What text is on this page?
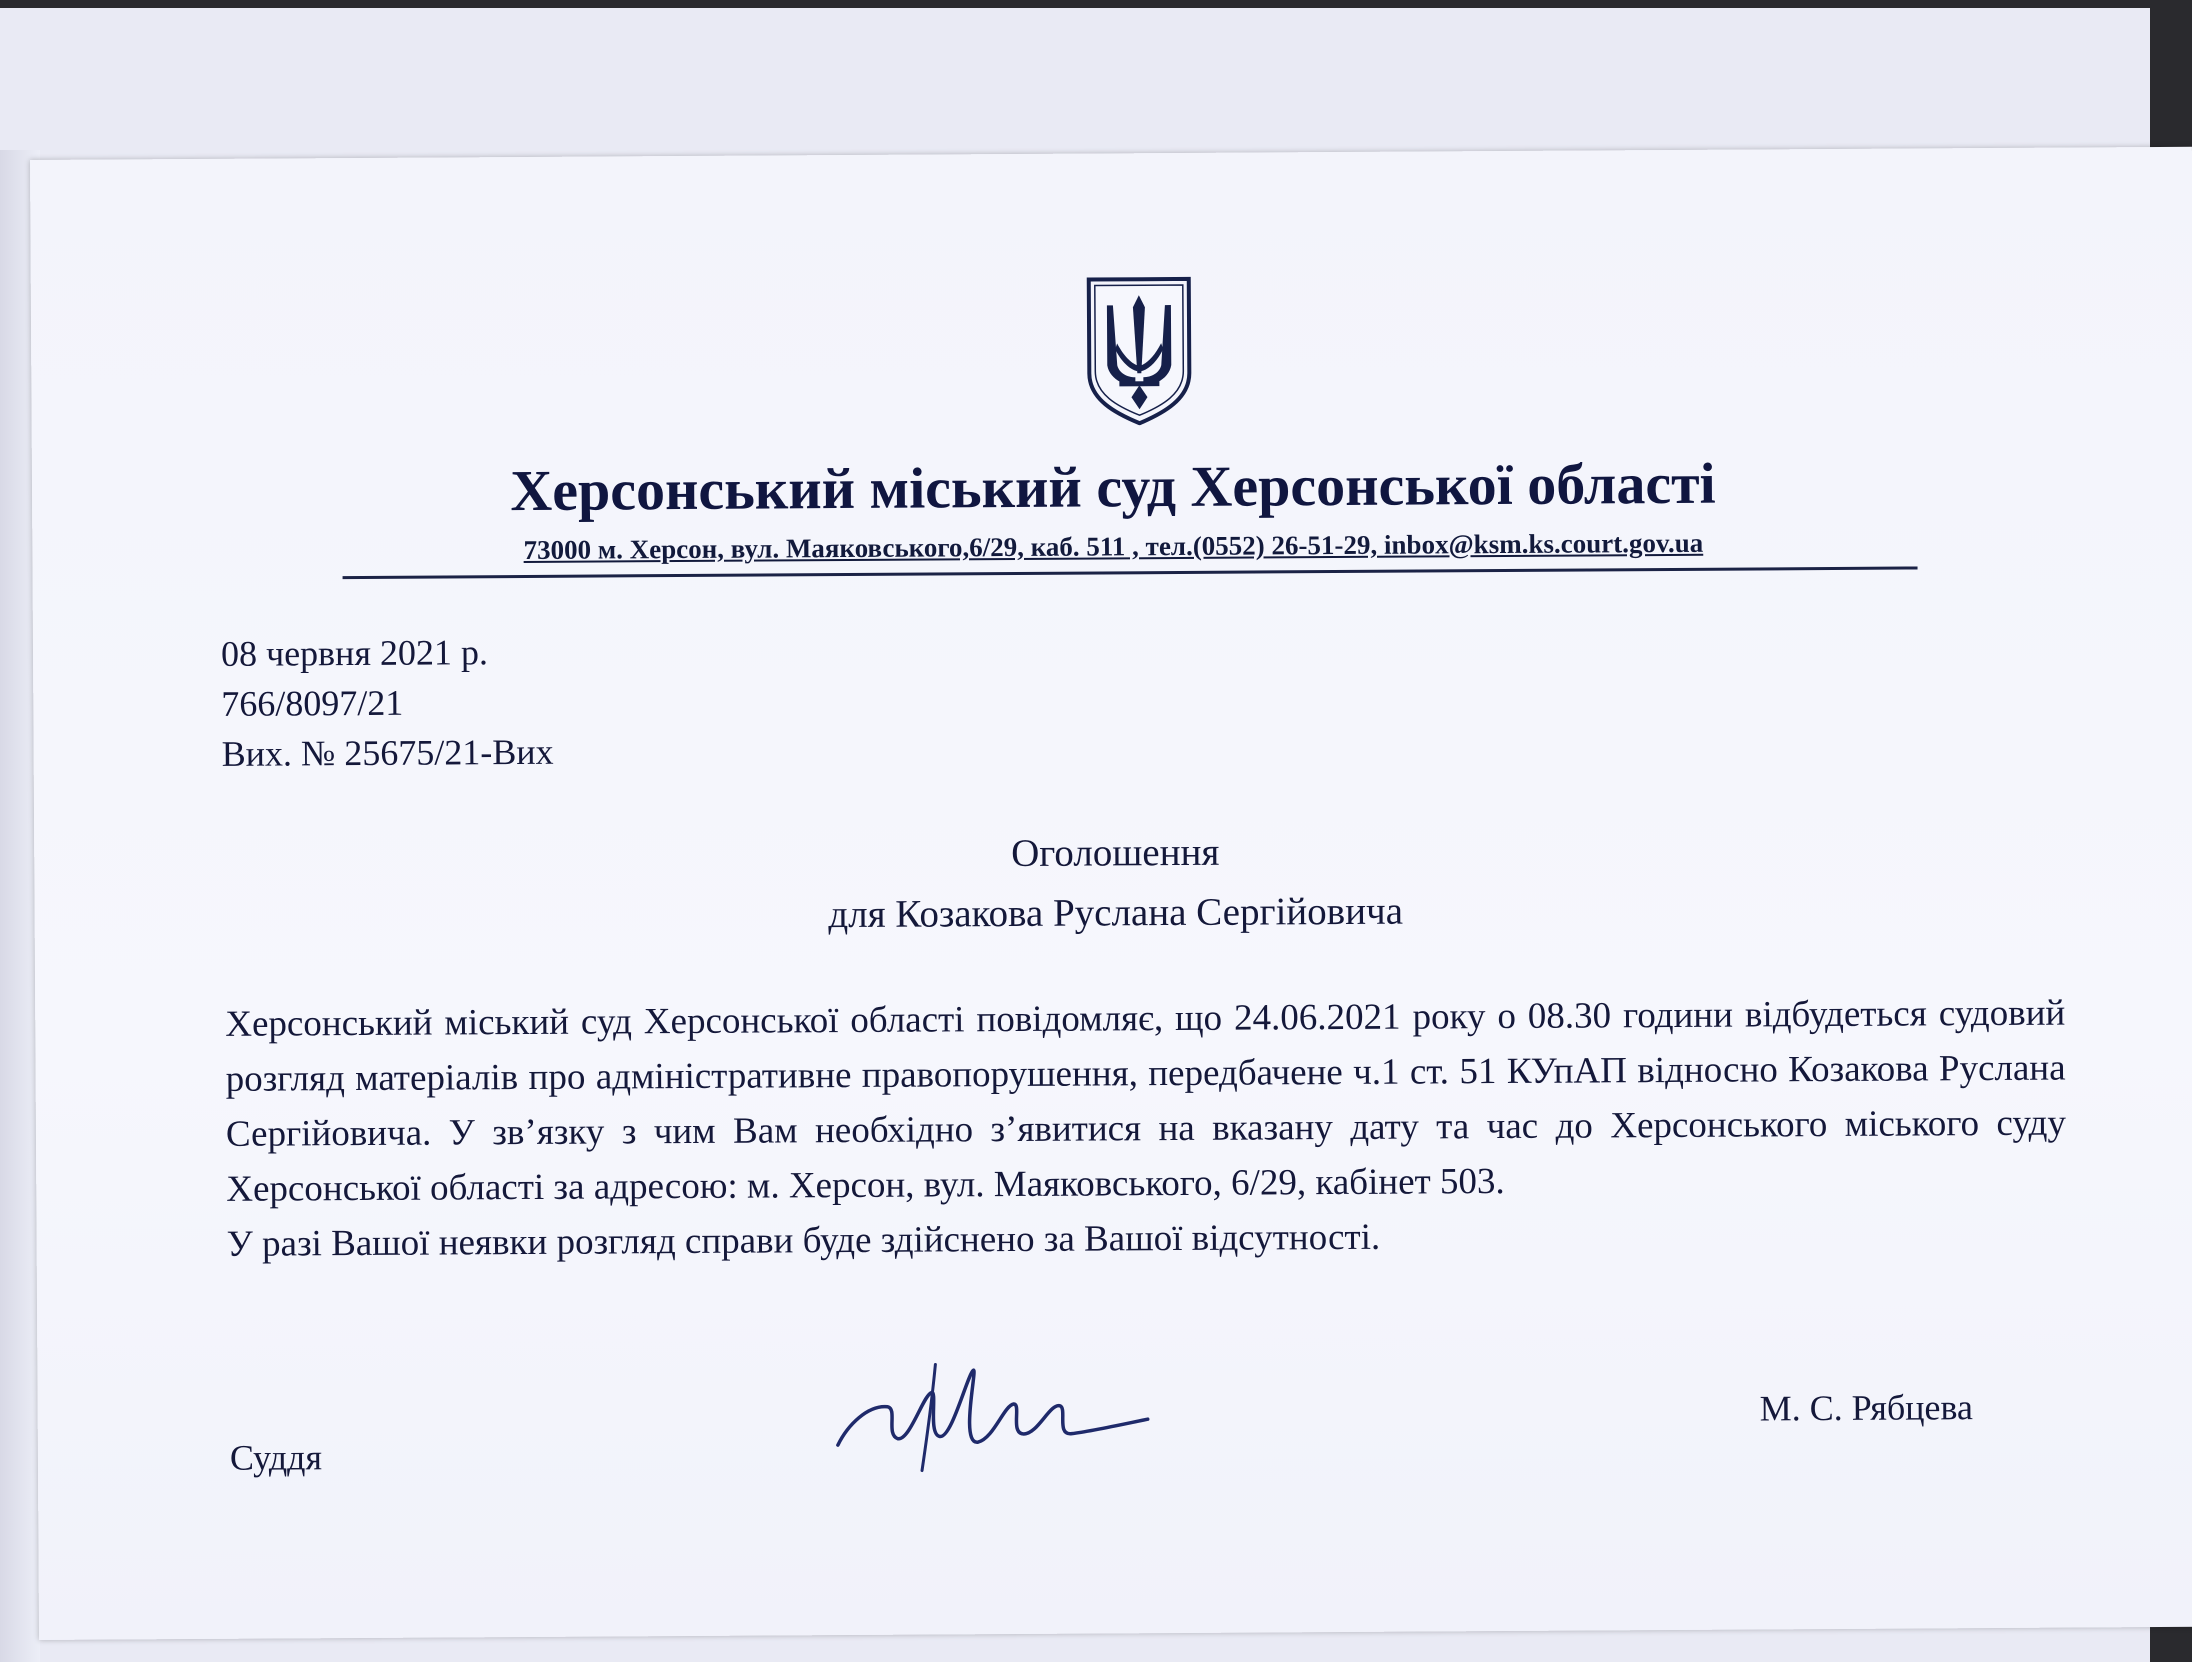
Херсонський міський суд Херсонської області
73000 м. Херсон, вул. Маяковського,6/29, каб. 511 , тел.(0552) 26-51-29, inbox@ksm.ks.court.gov.ua
08 червня 2021 р.
766/8097/21
Вих. № 25675/21-Вих
Оголошення
для Козакова Руслана Сергійовича

Херсонський міський суд Херсонської області повідомляє, що 24.06.2021 року о 08.30 години відбудеться судовий розгляд матеріалів про адміністративне правопорушення, передбачене ч.1 ст. 51 КУпАП відносно Козакова Руслана Сергійовича. У зв’язку з чим Вам необхідно з’явитися на вказану дату та час до Херсонського міського суду Херсонської області за адресою: м. Херсон, вул. Маяковського, 6/29, кабінет 503.

У разі Вашої неявки розгляд справи буде здійснено за Вашої відсутності.

Суддя
М. С. Рябцева
